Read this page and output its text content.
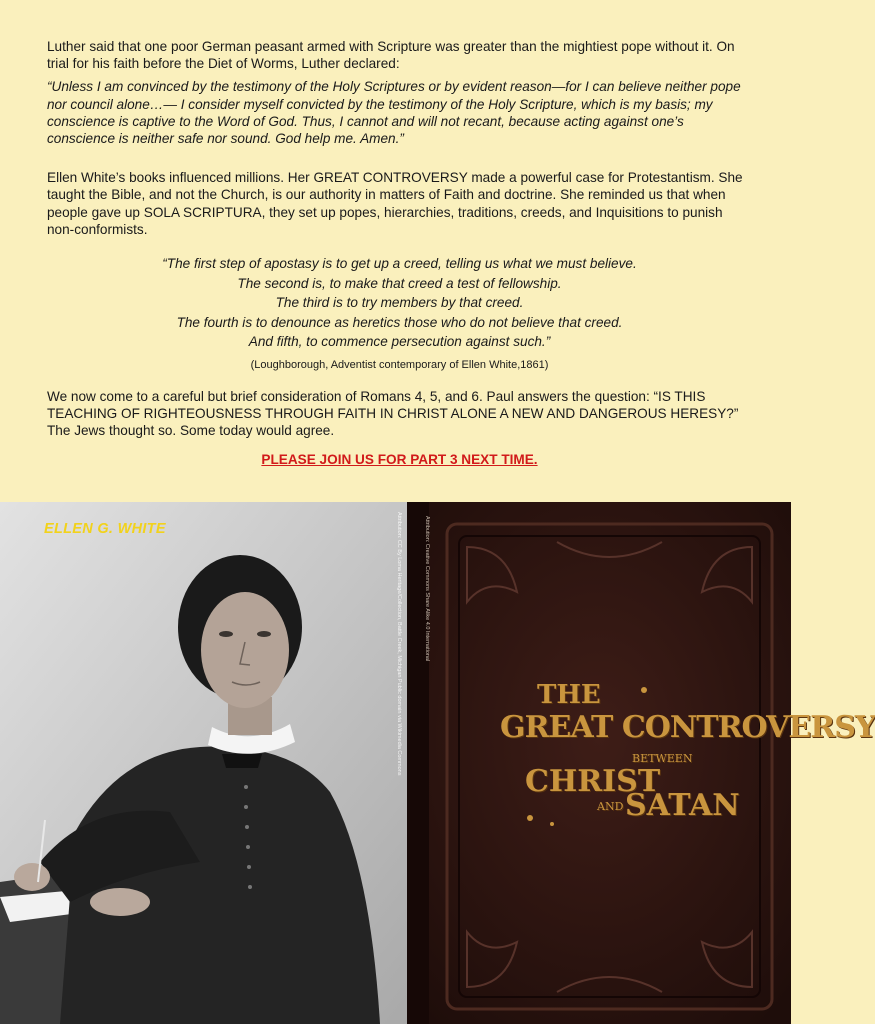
Luther said that one poor German peasant armed with Scripture was greater than the mightiest pope without it. On trial for his faith before the Diet of Worms, Luther declared:

“Unless I am convinced by the testimony of the Holy Scriptures or by evident reason—for I can believe neither pope nor council alone…— I consider myself convicted by the testimony of the Holy Scripture, which is my basis; my conscience is captive to the Word of God. Thus, I cannot and will not recant, because acting against one’s conscience is neither safe nor sound. God help me. Amen.”

Ellen White’s books influenced millions. Her GREAT CONTROVERSY made a powerful case for Protestantism. She taught the Bible, and not the Church, is our authority in matters of Faith and doctrine. She reminded us that when people gave up SOLA SCRIPTURA, they set up popes, hierarchies, traditions, creeds, and Inquisitions to punish non-conformists.

“The first step of apostasy is to get up a creed, telling us what we must believe.
The second is, to make that creed a test of fellowship.
The third is to try members by that creed.
The fourth is to denounce as heretics those who do not believe that creed.
And fifth, to commence persecution against such.”
(Loughborough, Adventist contemporary of Ellen White,1861)

We now come to a careful but brief consideration of Romans 4, 5, and 6. Paul answers the question: “IS THIS TEACHING OF RIGHTEOUSNESS THROUGH FAITH IN CHRIST ALONE A NEW AND DANGEROUS HERESY?” The Jews thought so. Some today would agree.

PLEASE JOIN US FOR PART 3 NEXT TIME.
ELLEN G. WHITE	Attribution: CC By Loma Heritage/Collection, Battle Creek, Michigan Public domain via Wikimedia Commons	THE
GREAT CONTROVERSY
BETWEEN
CHRIST
AND SATAN
Attribution: Creative Commons Share Alike 4.0 International
